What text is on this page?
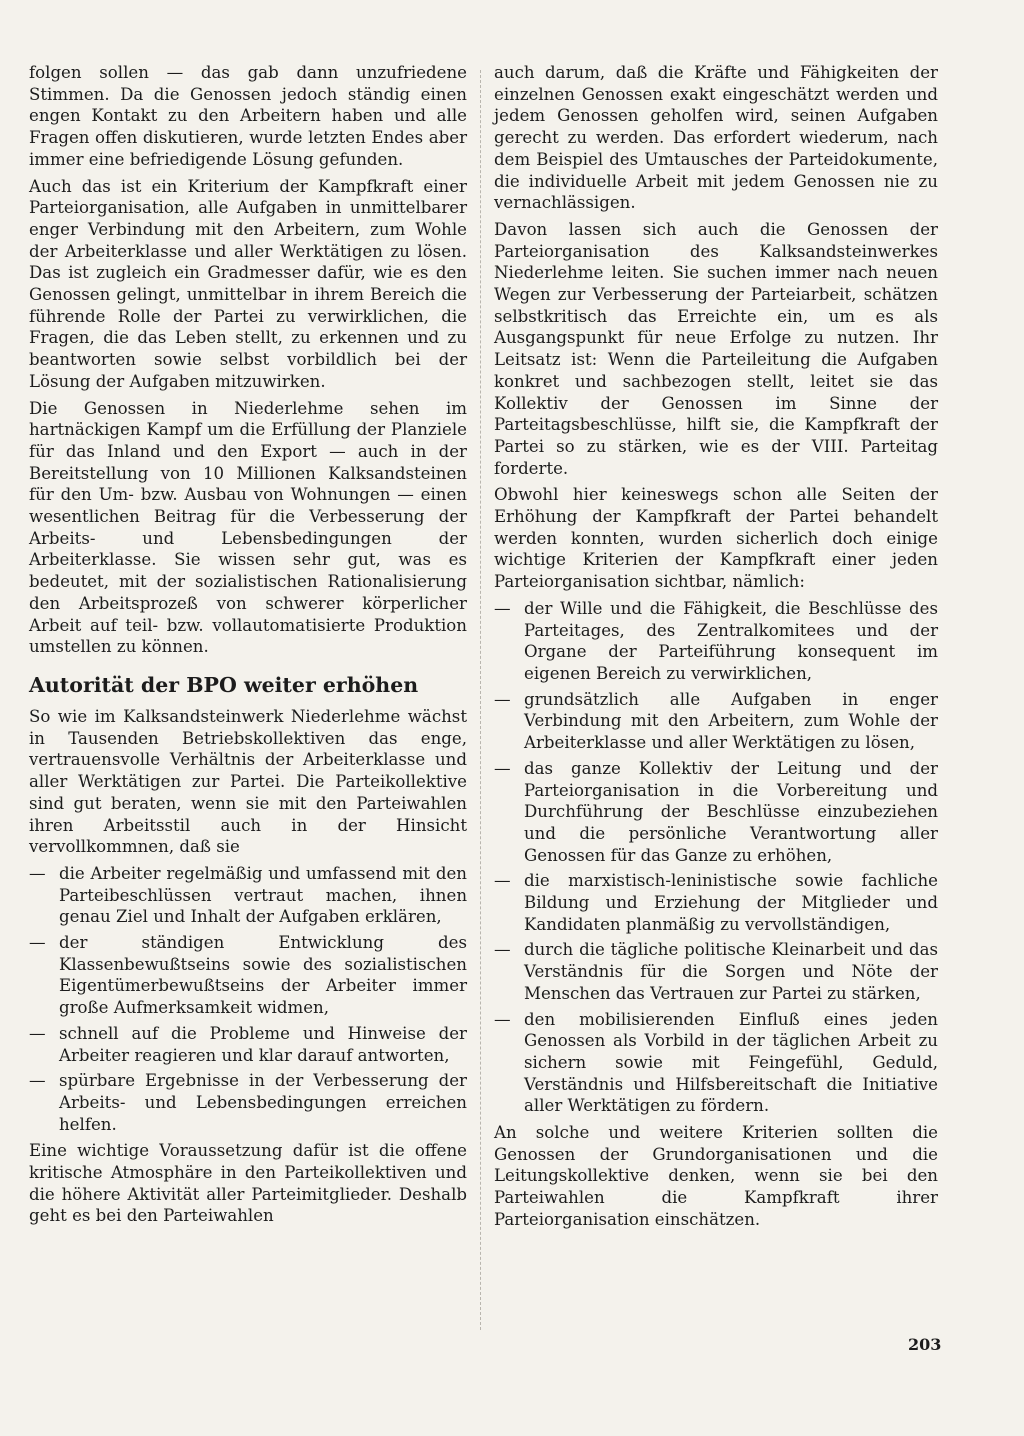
folgen sollen — das gab dann unzufriedene Stimmen. Da die Genossen jedoch ständig einen engen Kontakt zu den Arbeitern haben und alle Fragen offen diskutieren, wurde letzten Endes aber immer eine befriedigende Lösung gefunden.

Auch das ist ein Kriterium der Kampfkraft einer Parteiorganisation, alle Aufgaben in unmittelbarer enger Verbindung mit den Arbeitern, zum Wohle der Arbeiterklasse und aller Werktätigen zu lösen. Das ist zugleich ein Gradmesser dafür, wie es den Genossen gelingt, unmittelbar in ihrem Bereich die führende Rolle der Partei zu verwirklichen, die Fragen, die das Leben stellt, zu erkennen und zu beantworten sowie selbst vorbildlich bei der Lösung der Aufgaben mitzuwirken.

Die Genossen in Niederlehme sehen im hartnäckigen Kampf um die Erfüllung der Planziele für das Inland und den Export — auch in der Bereitstellung von 10 Millionen Kalksandsteinen für den Um- bzw. Ausbau von Wohnungen — einen wesentlichen Beitrag für die Verbesserung der Arbeits- und Lebensbedingungen der Arbeiterklasse. Sie wissen sehr gut, was es bedeutet, mit der sozialistischen Rationalisierung den Arbeitsprozeß von schwerer körperlicher Arbeit auf teil- bzw. vollautomatisierte Produktion umstellen zu können.

Autorität der BPO weiter erhöhen

So wie im Kalksandsteinwerk Niederlehme wächst in Tausenden Betriebskollektiven das enge, vertrauensvolle Verhältnis der Arbeiterklasse und aller Werktätigen zur Partei. Die Parteikollektive sind gut beraten, wenn sie mit den Parteiwahlen ihren Arbeitsstil auch in der Hinsicht vervollkommnen, daß sie

— die Arbeiter regelmäßig und umfassend mit den Parteibeschlüssen vertraut machen, ihnen genau Ziel und Inhalt der Aufgaben erklären,
— der ständigen Entwicklung des Klassenbewußtseins sowie des sozialistischen Eigentümerbewußtseins der Arbeiter immer große Aufmerksamkeit widmen,
— schnell auf die Probleme und Hinweise der Arbeiter reagieren und klar darauf antworten,
— spürbare Ergebnisse in der Verbesserung der Arbeits- und Lebensbedingungen erreichen helfen.

Eine wichtige Voraussetzung dafür ist die offene kritische Atmosphäre in den Parteikollektiven und die höhere Aktivität aller Parteimitglieder. Deshalb geht es bei den Parteiwahlen

auch darum, daß die Kräfte und Fähigkeiten der einzelnen Genossen exakt eingeschätzt werden und jedem Genossen geholfen wird, seinen Aufgaben gerecht zu werden. Das erfordert wiederum, nach dem Beispiel des Umtausches der Parteidokumente, die individuelle Arbeit mit jedem Genossen nie zu vernachlässigen.

Davon lassen sich auch die Genossen der Parteiorganisation des Kalksandsteinwerkes Niederlehme leiten. Sie suchen immer nach neuen Wegen zur Verbesserung der Parteiarbeit, schätzen selbstkritisch das Erreichte ein, um es als Ausgangspunkt für neue Erfolge zu nutzen. Ihr Leitsatz ist: Wenn die Parteileitung die Aufgaben konkret und sachbezogen stellt, leitet sie das Kollektiv der Genossen im Sinne der Parteitagsbeschlüsse, hilft sie, die Kampfkraft der Partei so zu stärken, wie es der VIII. Parteitag forderte.

Obwohl hier keineswegs schon alle Seiten der Erhöhung der Kampfkraft der Partei behandelt werden konnten, wurden sicherlich doch einige wichtige Kriterien der Kampfkraft einer jeden Parteiorganisation sichtbar, nämlich:

— der Wille und die Fähigkeit, die Beschlüsse des Parteitages, des Zentralkomitees und der Organe der Parteiführung konsequent im eigenen Bereich zu verwirklichen,
— grundsätzlich alle Aufgaben in enger Verbindung mit den Arbeitern, zum Wohle der Arbeiterklasse und aller Werktätigen zu lösen,
— das ganze Kollektiv der Leitung und der Parteiorganisation in die Vorbereitung und Durchführung der Beschlüsse einzubeziehen und die persönliche Verantwortung aller Genossen für das Ganze zu erhöhen,
— die marxistisch-leninistische sowie fachliche Bildung und Erziehung der Mitglieder und Kandidaten planmäßig zu vervollständigen,
— durch die tägliche politische Kleinarbeit und das Verständnis für die Sorgen und Nöte der Menschen das Vertrauen zur Partei zu stärken,
— den mobilisierenden Einfluß eines jeden Genossen als Vorbild in der täglichen Arbeit zu sichern sowie mit Feingefühl, Geduld, Verständnis und Hilfsbereitschaft die Initiative aller Werktätigen zu fördern.

An solche und weitere Kriterien sollten die Genossen der Grundorganisationen und die Leitungskollektive denken, wenn sie bei den Parteiwahlen die Kampfkraft ihrer Parteiorganisation einschätzen.

203
